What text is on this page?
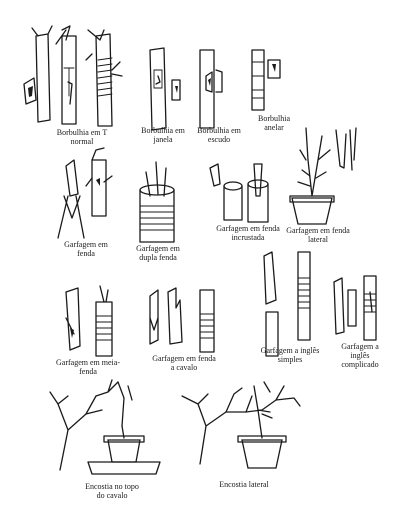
Borbulhia em T
normal
Borbulhia em
janela
Borbulhia em
escudo
Borbulhia
anelar
Garfagem em
fenda
Garfagem em
dupla fenda
Garfagem em fenda
incrustada
Garfagem em fenda
lateral
Garfagem em meia-
fenda
Garfagem em fenda
a cavalo
Garfagem a inglês
simples
Garfagem a inglês
complicado
Encostia no topo
do cavalo
Encostia lateral
